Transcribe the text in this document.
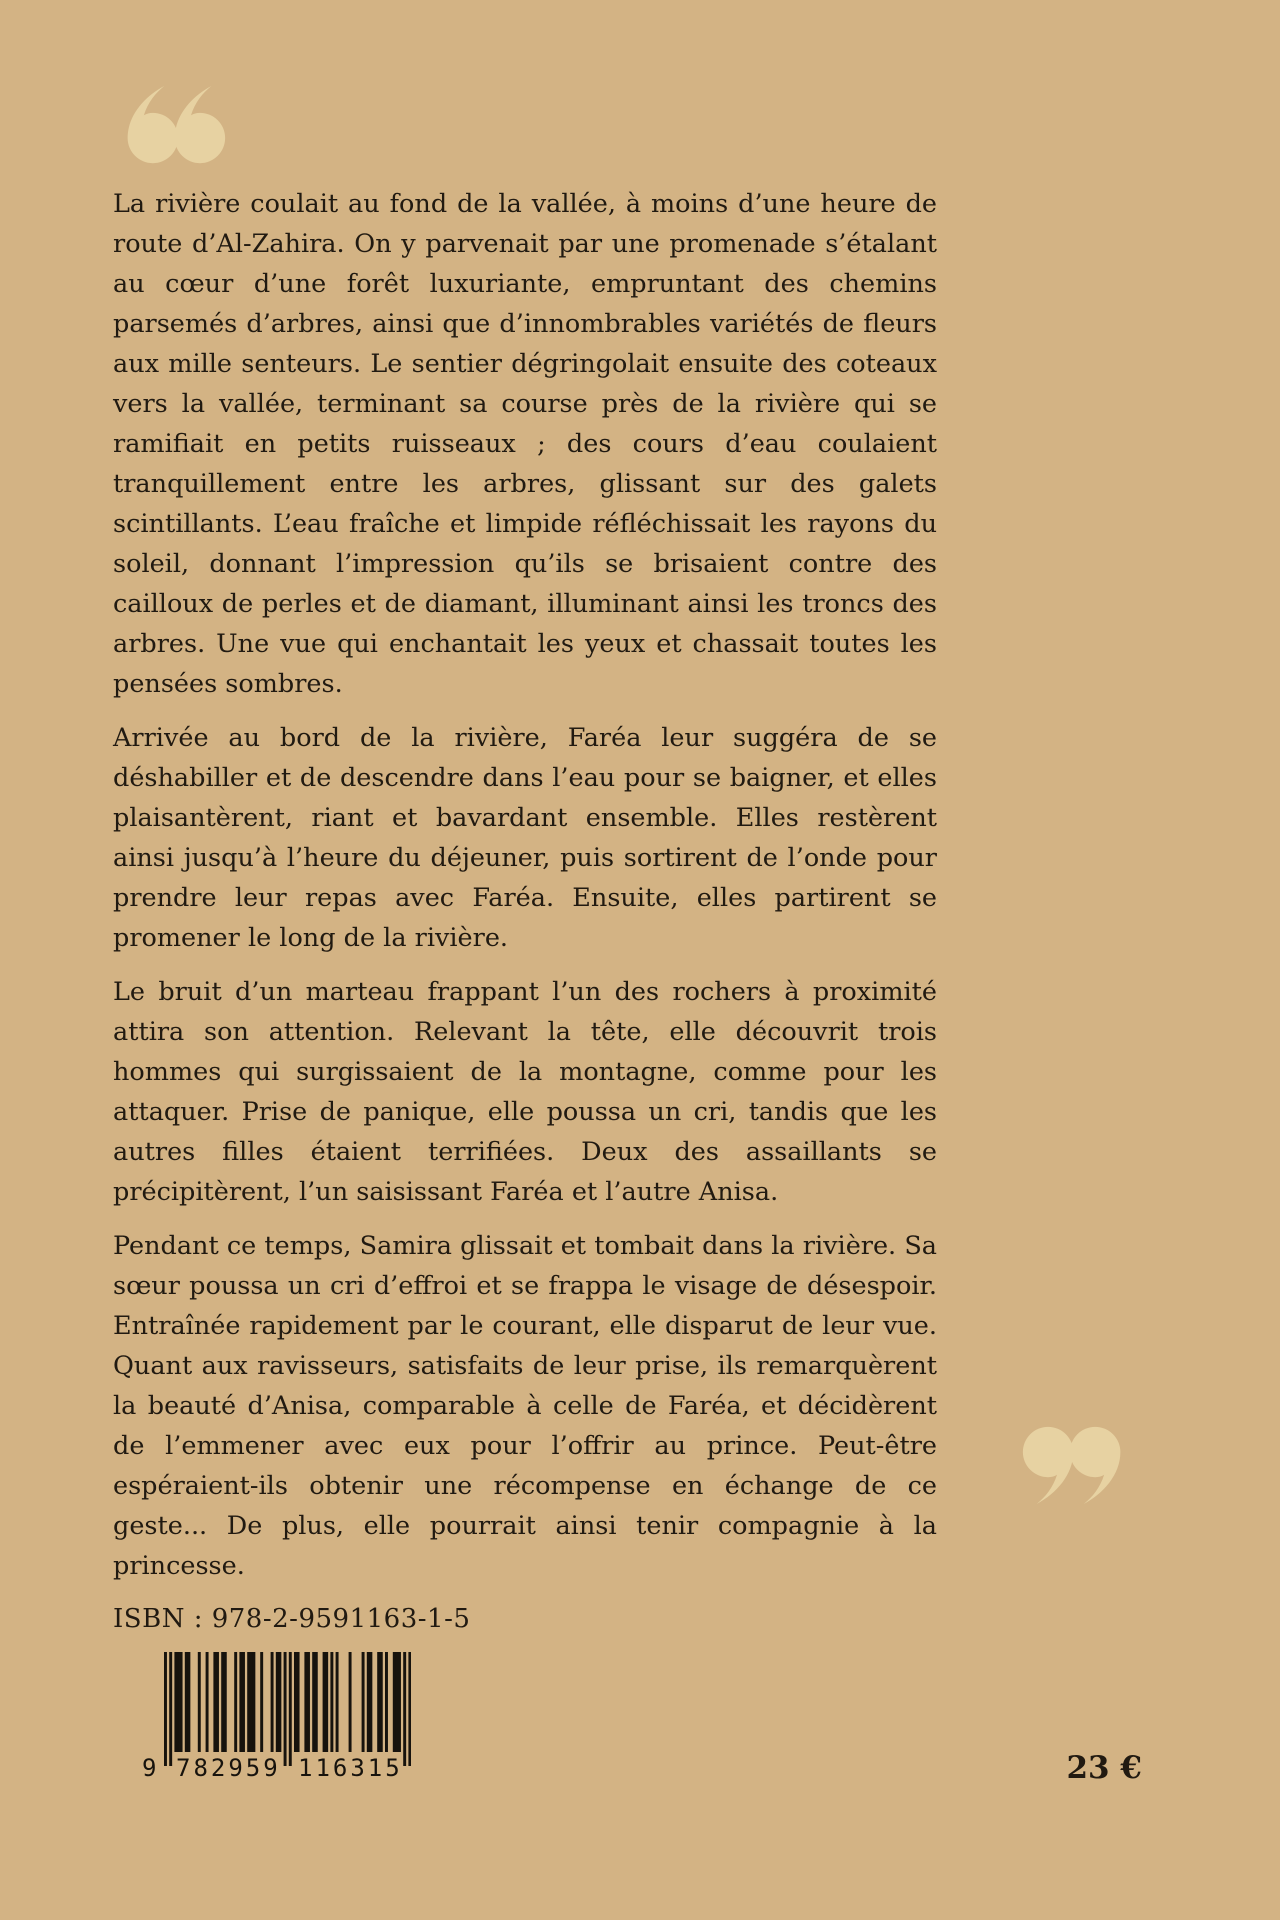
La rivière coulait au fond de la vallée, à moins d’une heure de route d’Al-Zahira. On y parvenait par une promenade s’étalant au cœur d’une forêt luxuriante, empruntant des chemins parsemés d’arbres, ainsi que d’innombrables variétés de fleurs aux mille senteurs. Le sentier dégringolait ensuite des coteaux vers la vallée, terminant sa course près de la rivière qui se ramifiait en petits ruisseaux ; des cours d’eau coulaient tranquillement entre les arbres, glissant sur des galets scintillants. L’eau fraîche et limpide réfléchissait les rayons du soleil, donnant l’impression qu’ils se brisaient contre des cailloux de perles et de diamant, illuminant ainsi les troncs des arbres. Une vue qui enchantait les yeux et chassait toutes les pensées sombres.

Arrivée au bord de la rivière, Faréa leur suggéra de se déshabiller et de descendre dans l’eau pour se baigner, et elles plaisantèrent, riant et bavardant ensemble. Elles restèrent ainsi jusqu’à l’heure du déjeuner, puis sortirent de l’onde pour prendre leur repas avec Faréa. Ensuite, elles partirent se promener le long de la rivière.

Le bruit d’un marteau frappant l’un des rochers à proximité attira son attention. Relevant la tête, elle découvrit trois hommes qui surgissaient de la montagne, comme pour les attaquer. Prise de panique, elle poussa un cri, tandis que les autres filles étaient terrifiées. Deux des assaillants se précipitèrent, l’un saisissant Faréa et l’autre Anisa.

Pendant ce temps, Samira glissait et tombait dans la rivière. Sa sœur poussa un cri d’effroi et se frappa le visage de désespoir. Entraînée rapidement par le courant, elle disparut de leur vue. Quant aux ravisseurs, satisfaits de leur prise, ils remarquèrent la beauté d’Anisa, comparable à celle de Faréa, et décidèrent de l’emmener avec eux pour l’offrir au prince. Peut-être espéraient-ils obtenir une récompense en échange de ce geste... De plus, elle pourrait ainsi tenir compagnie à la princesse.

ISBN : 978-2-9591163-1-5
9 782959 116315	23 €
